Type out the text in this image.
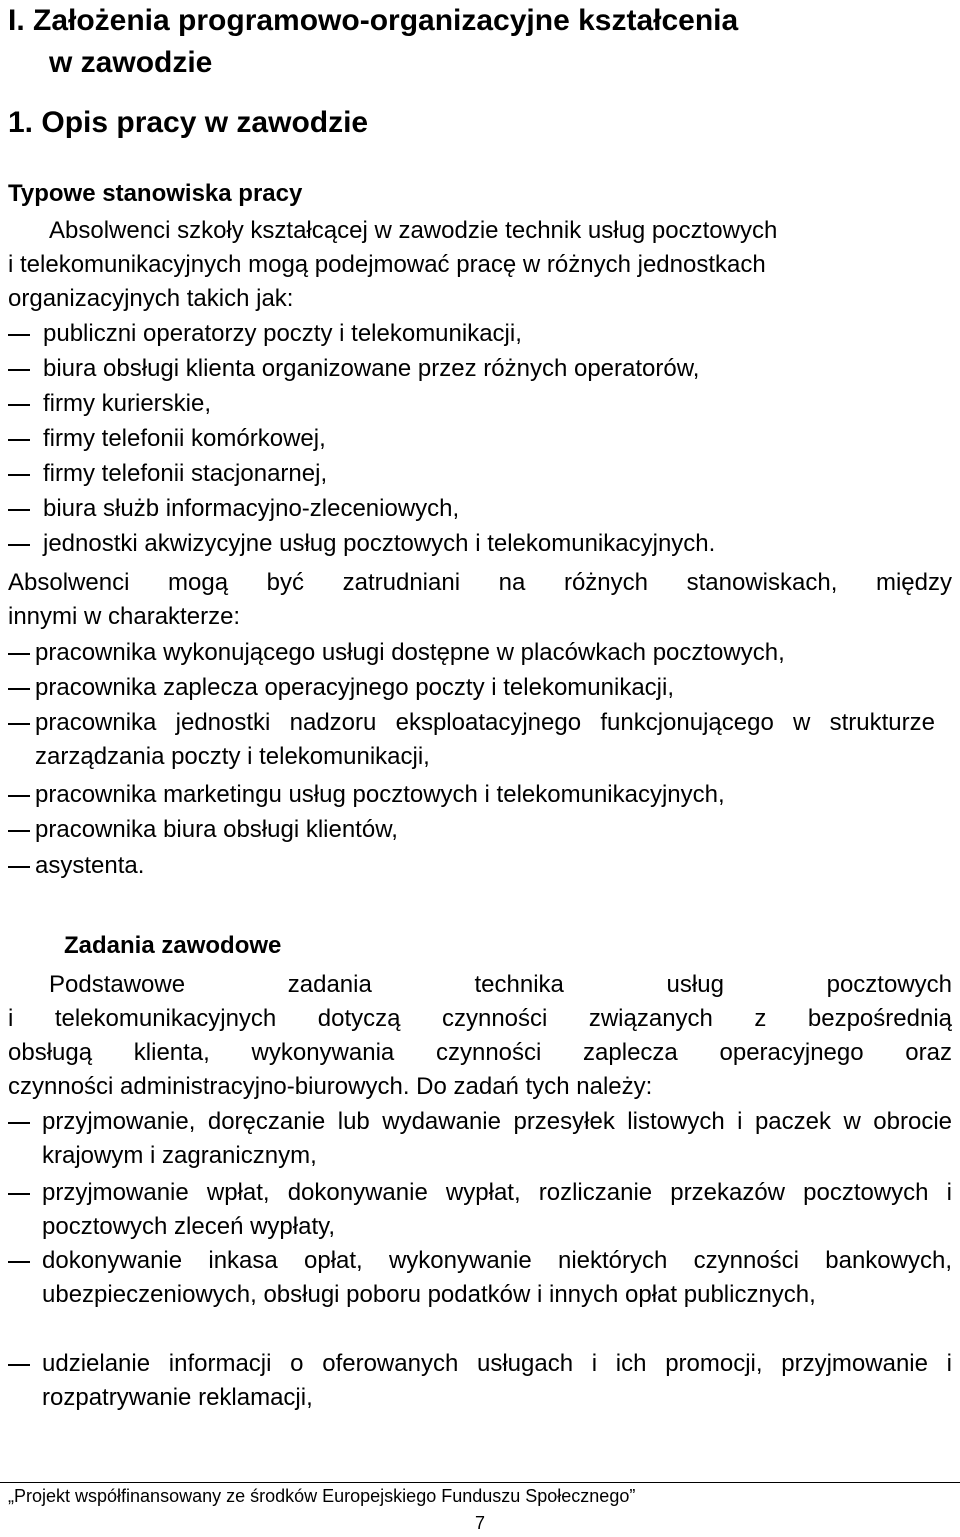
I. Założenia programowo-organizacyjne kształcenia
w zawodzie
1. Opis pracy w zawodzie
Typowe stanowiska pracy
Absolwenci szkoły kształcącej w zawodzie technik usług pocztowych
i telekomunikacyjnych mogą podejmować pracę w różnych jednostkach
organizacyjnych takich jak:
publiczni operatorzy poczty i telekomunikacji,
biura obsługi klienta organizowane przez różnych operatorów,
firmy kurierskie,
firmy telefonii komórkowej,
firmy telefonii stacjonarnej,
biura służb informacyjno-zleceniowych,
jednostki akwizycyjne usług pocztowych i telekomunikacyjnych.
Absolwenci mogą być zatrudniani na różnych stanowiskach, między
innymi w charakterze:
pracownika wykonującego usługi dostępne w placówkach pocztowych,
pracownika zaplecza operacyjnego poczty i telekomunikacji,
pracownika jednostki nadzoru eksploatacyjnego funkcjonującego w strukturze zarządzania poczty i telekomunikacji,
pracownika marketingu usług pocztowych i telekomunikacyjnych,
pracownika biura obsługi klientów,
asystenta.
Zadania zawodowe
Podstawowe zadania technika usług pocztowych
i telekomunikacyjnych dotyczą czynności związanych z bezpośrednią
obsługą klienta, wykonywania czynności zaplecza operacyjnego oraz
czynności administracyjno-biurowych. Do zadań tych należy:
przyjmowanie, doręczanie lub wydawanie przesyłek listowych i paczek w obrocie krajowym i zagranicznym,
przyjmowanie wpłat, dokonywanie wypłat, rozliczanie przekazów pocztowych i pocztowych zleceń wypłaty,
dokonywanie inkasa opłat, wykonywanie niektórych czynności bankowych, ubezpieczeniowych, obsługi poboru podatków i innych opłat publicznych,
udzielanie informacji o oferowanych usługach i ich promocji, przyjmowanie i rozpatrywanie reklamacji,
„Projekt współfinansowany ze środków Europejskiego Funduszu Społecznego”
7
